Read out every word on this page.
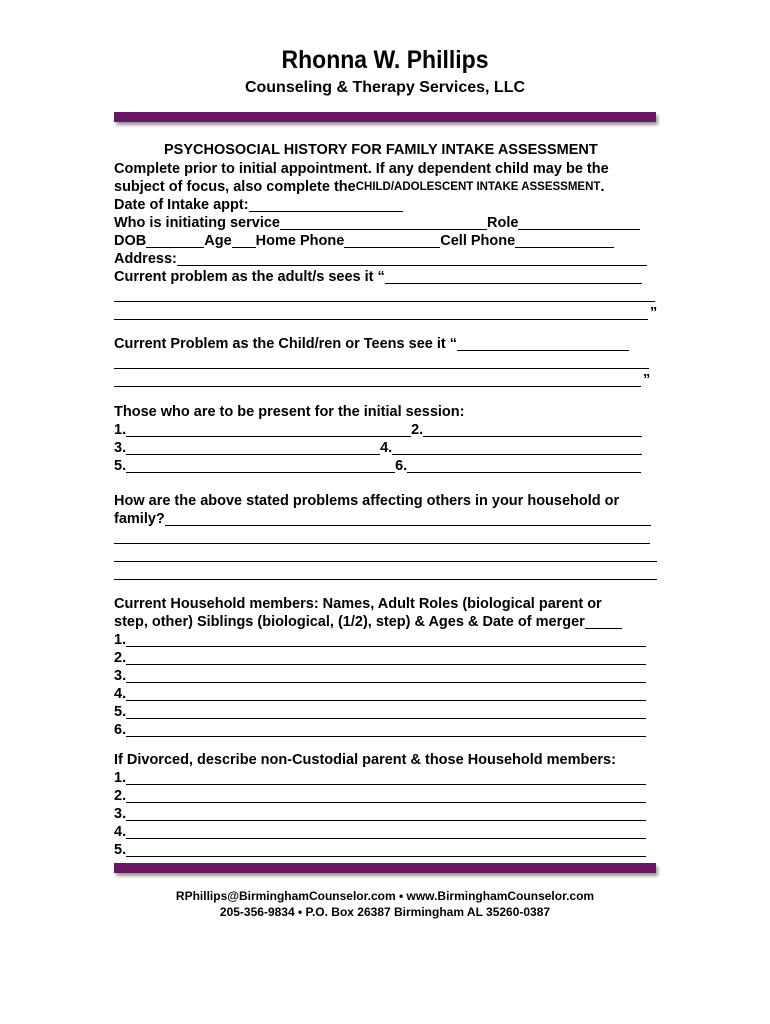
Rhonna W. Phillips
Counseling & Therapy Services, LLC
PSYCHOSOCIAL HISTORY FOR FAMILY INTAKE ASSESSMENT
Complete prior to initial appointment. If any dependent child may be the
subject of focus, also complete the CHILD/ADOLESCENT INTAKE ASSESSMENT .
Date of Intake appt:
Who is initiating service	Role
DOB	Age Home Phone	Cell Phone
Address:
Current problem as the adult/s sees it “
”
Current Problem as the Child/ren or Teens see it “
”
Those who are to be present for the initial session:
1.	2.
3.	4.
5.	6.
How are the above stated problems affecting others in your household or
family?
Current Household members: Names, Adult Roles (biological parent or
step, other) Siblings (biological, (1/2), step) & Ages & Date of merger
1.
2.
3.
4.
5.
6.
If Divorced, describe non-Custodial parent & those Household members:
1.
2.
3.
4.
5.
RPhillips@BirminghamCounselor.com • www.BirminghamCounselor.com
205-356-9834 • P.O. Box 26387 Birmingham AL 35260-0387
